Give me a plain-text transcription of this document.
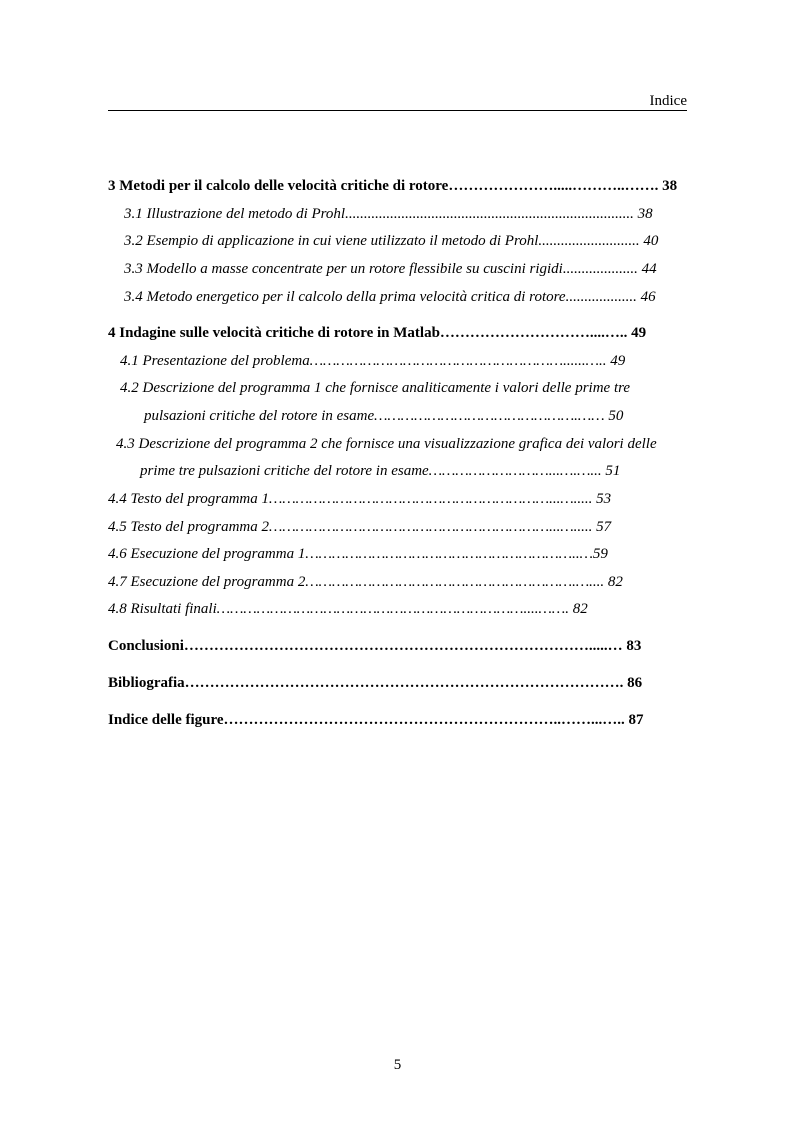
Indice
3 Metodi per il calcolo delle velocità critiche di rotore………………….....………..……. 38
3.1 Illustrazione del metodo di Prohl............................................................................. 38
3.2 Esempio di applicazione in cui viene utilizzato il metodo di Prohl........................... 40
3.3 Modello a masse concentrate per un rotore flessibile su cuscini rigidi.................... 44
3.4 Metodo energetico per il calcolo della prima velocità critica di rotore................... 46
4 Indagine sulle velocità critiche di rotore in Matlab…………………………....….. 49
4.1 Presentazione del problema…………………………………………………......….. 49
4.2 Descrizione del programma 1 che fornisce analiticamente i valori delle prime tre
pulsazioni critiche del rotore in esame……………………………………….…… 50
4.3 Descrizione del programma 2 che fornisce una visualizzazione grafica dei valori delle
prime tre pulsazioni critiche del rotore in esame………………………...….…... 51
4.4 Testo del programma 1………………………………………………………...…..... 53
4.5 Testo del programma 2………………………………………………………...…..... 57
4.6 Esecuzione del programma 1……………………………………………………..…59
4.7 Esecuzione del programma 2…………………………………………………….….... 82
4.8 Risultati finali……………………………………………………………....……. 82
Conclusioni……………………………………………………………………….....… 83
Bibliografia……………………………………………………………………………. 86
Indice delle figure…………………………………………………………..……...….. 87
5
